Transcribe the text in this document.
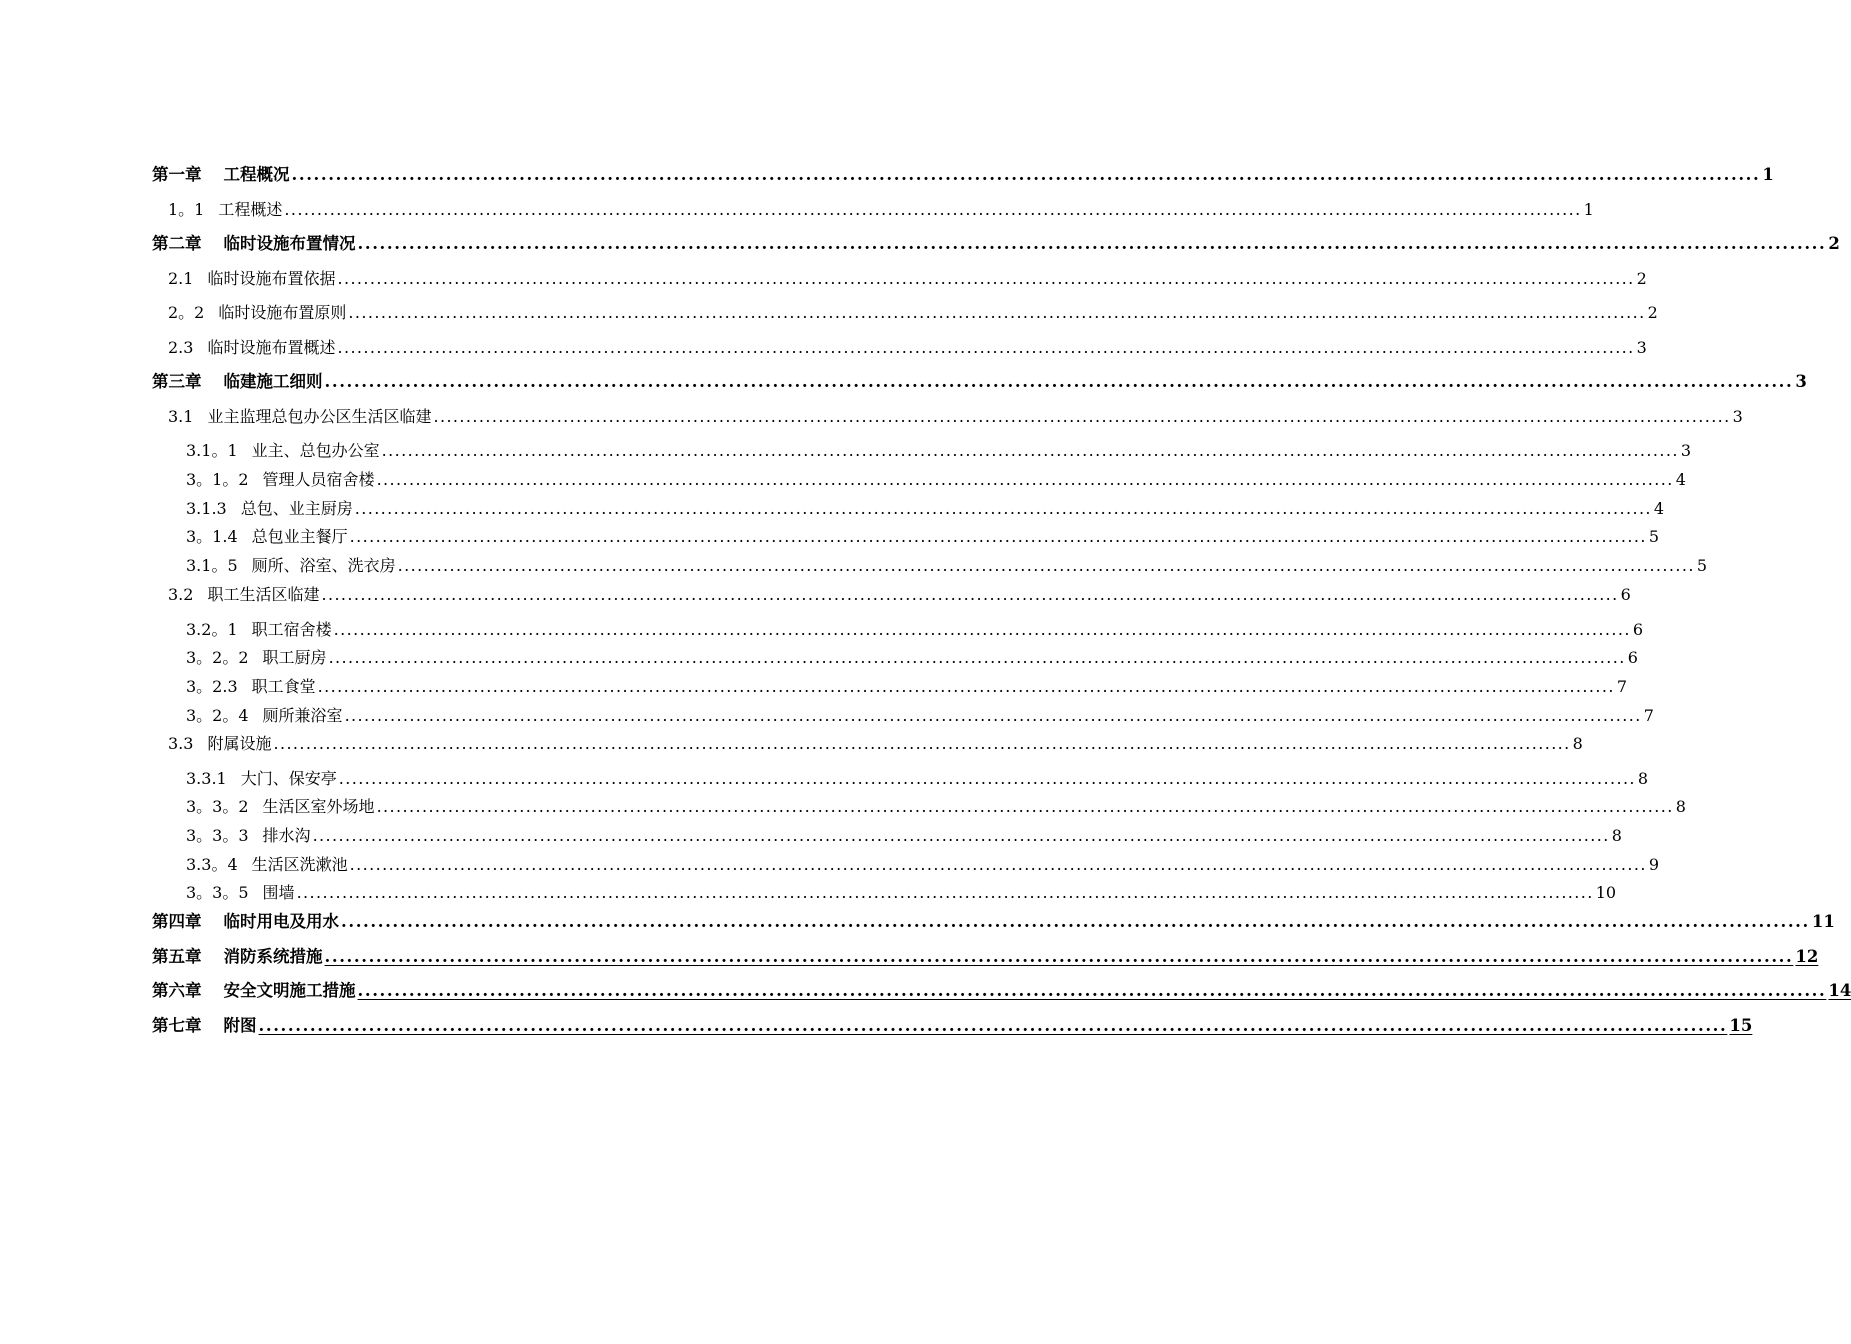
第一章 工程概况 ........................................................................................................................................................................................................ 1
1。1 工程概述 ........................................................................................................................................................................................................ 1
第二章 临时设施布置情况 ........................................................................................................................................................................................................ 2
2.1 临时设施布置依据 ........................................................................................................................................................................................................ 2
2。2 临时设施布置原则 ........................................................................................................................................................................................................ 2
2.3 临时设施布置概述 ........................................................................................................................................................................................................ 3
第三章 临建施工细则 ........................................................................................................................................................................................................ 3
3.1 业主监理总包办公区生活区临建 ........................................................................................................................................................................................................ 3
3.1。1 业主、总包办公室 ........................................................................................................................................................................................................ 3
3。1。2 管理人员宿舍楼 ........................................................................................................................................................................................................ 4
3.1.3 总包、业主厨房 ........................................................................................................................................................................................................ 4
3。1.4 总包业主餐厅 ........................................................................................................................................................................................................ 5
3.1。5 厕所、浴室、洗衣房 ........................................................................................................................................................................................................ 5
3.2 职工生活区临建 ........................................................................................................................................................................................................ 6
3.2。1 职工宿舍楼 ........................................................................................................................................................................................................ 6
3。2。2 职工厨房 ........................................................................................................................................................................................................ 6
3。2.3 职工食堂 ........................................................................................................................................................................................................ 7
3。2。4 厕所兼浴室 ........................................................................................................................................................................................................ 7
3.3 附属设施 ........................................................................................................................................................................................................ 8
3.3.1 大门、保安亭 ........................................................................................................................................................................................................ 8
3。3。2 生活区室外场地 ........................................................................................................................................................................................................ 8
3。3。3 排水沟 ........................................................................................................................................................................................................ 8
3.3。4 生活区洗漱池 ........................................................................................................................................................................................................ 9
3。3。5 围墙 ........................................................................................................................................................................................................ 10
第四章 临时用电及用水 ........................................................................................................................................................................................................ 11
第五章 消防系统措施 ........................................................................................................................................................................................................ 12
第六章 安全文明施工措施 ........................................................................................................................................................................................................ 14
第七章 附图 ........................................................................................................................................................................................................ 15
